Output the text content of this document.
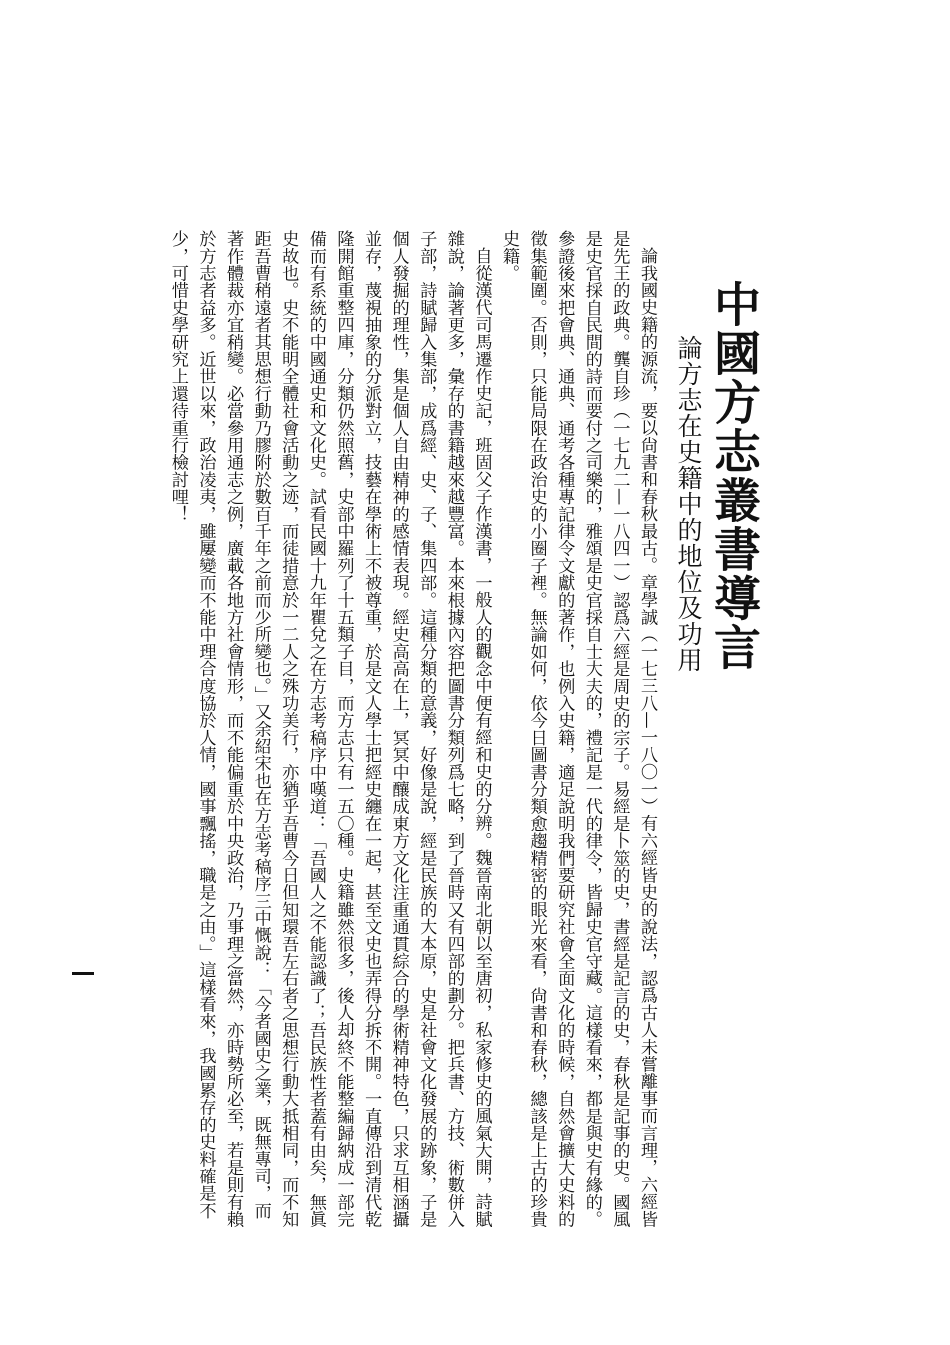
中國方志叢書導言
論方志在史籍中的地位及功用

論我國史籍的源流，要以尙書和春秋最古。章學誠（一七三八—一八〇一）有六經皆史的說法，認爲古人未嘗離事而言理，六經皆是先王的政典。龔自珍（一七九二—一八四一）認爲六經是周史的宗子。易經是卜筮的史，書經是記言的史，春秋是記事的史。國風是史官採自民間的詩而要付之司樂的，雅頌是史官採自士大夫的，禮記是一代的律令，皆歸史官守藏。這樣看來，都是與史有緣的。參證後來把會典、通典、通考各種專記律令文獻的著作，也例入史籍，適足說明我們要研究社會全面文化的時候，自然會擴大史料的徵集範圍。否則，只能局限在政治史的小圈子裡。無論如何，依今日圖書分類愈趨精密的眼光來看，尙書和春秋，總該是上古的珍貴史籍。

自從漢代司馬遷作史記，班固父子作漢書，一般人的觀念中便有經和史的分辨。魏晉南北朝以至唐初，私家修史的風氣大開，詩賦雜說，論著更多，彙存的書籍越來越豐富。本來根據內容把圖書分類列爲七略，到了晉時又有四部的劃分。把兵書、方技、術數併入子部，詩賦歸入集部，成爲經、史、子、集四部。這種分類的意義，好像是說，經是民族的大本原，史是社會文化發展的跡象，子是個人發掘的理性，集是個人自由精神的感情表現。經史高高在上，冥冥中釀成東方文化注重通貫綜合的學術精神特色，只求互相涵攝並存，蔑視抽象的分派對立，技藝在學術上不被尊重，於是文人學士把經史纏在一起，甚至文史也弄得分拆不開。一直傳沿到清代乾隆開館重整四庫，分類仍然照舊，史部中羅列了十五類子目，而方志只有一五〇種。史籍雖然很多，後人却終不能整編歸納成一部完備而有系統的中國通史和文化史。試看民國十九年瞿兌之在方志考稿序中嘆道：「吾國人之不能認識了；吾民族性者蓋有由矣，無眞史故也。史不能明全體社會活動之迹，而徒措意於一二人之殊功美行，亦猶乎吾曹今日但知環吾左右者之思想行動大抵相同，而不知距吾曹稍遠者其思想行動乃膠附於數百千年之前而少所變也。」又余紹宋也在方志考稿序三中慨說：「今者國史之業，既無專司，而著作體裁亦宜稍變。必當參用通志之例，廣載各地方社會情形，而不能偏重於中央政治，乃事理之當然，亦時勢所必至，若是則有賴於方志者益多。近世以來，政治凌夷，雖屢變而不能中理合度協於人情，國事飄搖，職是之由。」這樣看來，我國累存的史料確是不少，可惜史學研究上還待重行檢討哩！
